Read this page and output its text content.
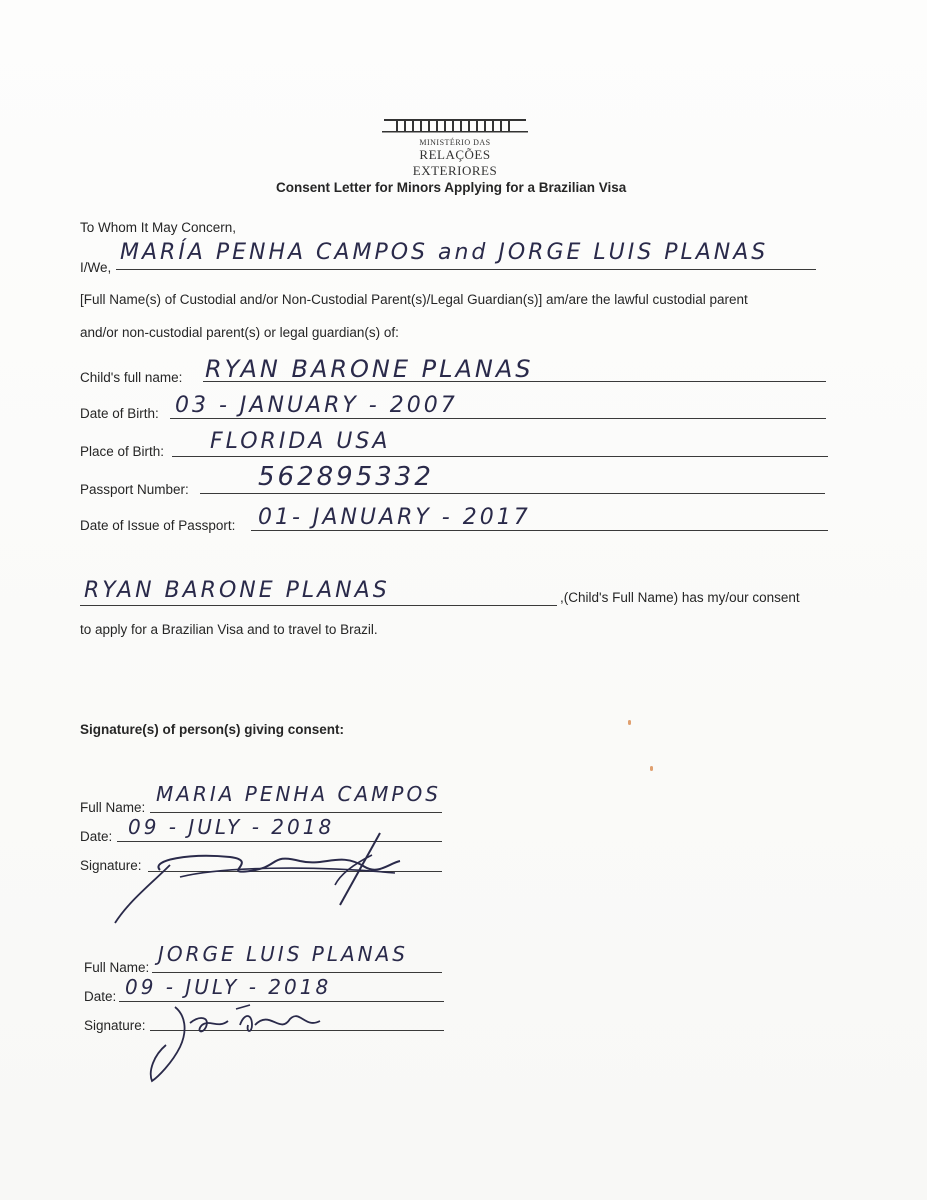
MINISTÉRIO DAS
RELAÇÕES EXTERIORES
Consent Letter for Minors Applying for a Brazilian Visa
To Whom It May Concern,
I/We,
MARÍA PENHA CAMPOS and JORGE LUIS PLANAS
[Full Name(s) of Custodial and/or Non-Custodial Parent(s)/Legal Guardian(s)] am/are the lawful custodial parent
and/or non-custodial parent(s) or legal guardian(s) of:
Child's full name: RYAN BARONE PLANAS
Date of Birth: 03 - JANUARY - 2007
Place of Birth: FLORIDA USA
Passport Number:	562895332
Date of Issue of Passport: 01- JANUARY - 2017
RYAN BARONE PLANAS	,(Child's Full Name) has my/our consent
to apply for a Brazilian Visa and to travel to Brazil.
Signature(s) of person(s) giving consent:
Full Name:
MARIA PENHA CAMPOS
Date: 09 - JULY - 2018
Signature:
Full Name:
JORGE LUIS PLANAS
Date: 09 - JULY - 2018
Signature:
